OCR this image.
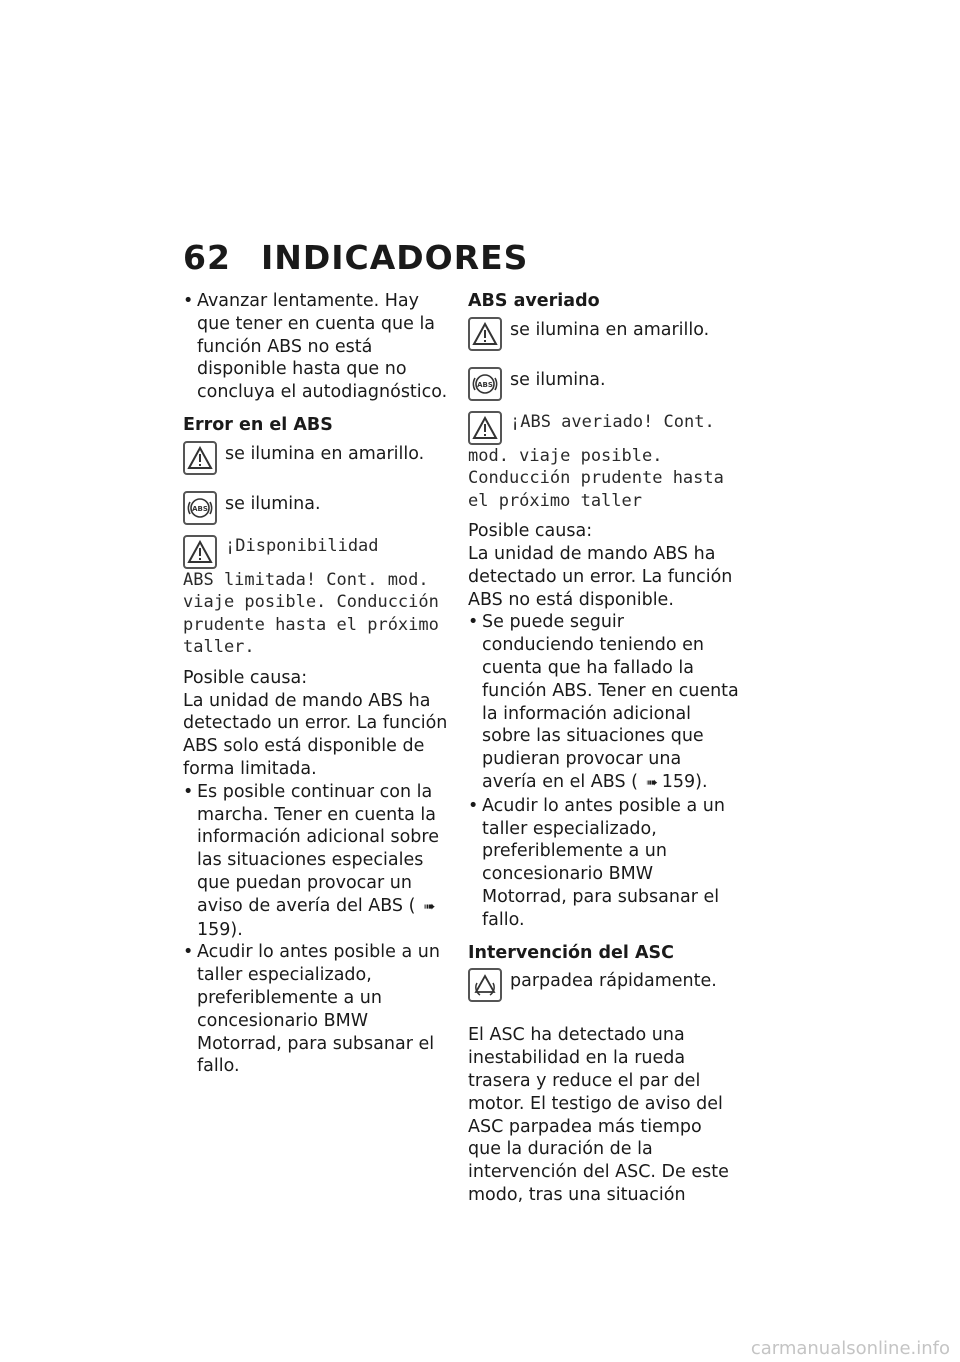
62 INDICADORES

• Avanzar lentamente. Hay que tener en cuenta que la función ABS no está disponible hasta que no concluya el autodiagnóstico.

Error en el ABS

se ilumina en amarillo.
ABS se ilumina.
¡Disponibilidad
ABS limitada! Cont. mod. viaje posible. Conducción prudente hasta el próximo taller.

Posible causa:

La unidad de mando ABS ha detectado un error. La función ABS solo está disponible de forma limitada.

• Es posible continuar con la marcha. Tener en cuenta la información adicional sobre las situaciones especiales que puedan provocar un aviso de avería del ABS ( ➠159).

• Acudir lo antes posible a un taller especializado, preferiblemente a un concesionario BMW Motorrad, para subsanar el fallo.

ABS averiado

se ilumina en amarillo.
ABS se ilumina.
¡ABS averiado! Cont.
mod. viaje posible. Conducción prudente hasta el próximo taller

Posible causa:

La unidad de mando ABS ha detectado un error. La función ABS no está disponible.

• Se puede seguir conduciendo teniendo en cuenta que ha fallado la función ABS. Tener en cuenta la información adicional sobre las situaciones que pudieran provocar una avería en el ABS ( ➠ 159).

• Acudir lo antes posible a un taller especializado, preferiblemente a un concesionario BMW Motorrad, para subsanar el fallo.

Intervención del ASC

parpadea rápidamente.

El ASC ha detectado una inestabilidad en la rueda trasera y reduce el par del motor. El testigo de aviso del ASC parpadea más tiempo que la duración de la intervención del ASC. De este modo, tras una situación

carmanualsonline.info
